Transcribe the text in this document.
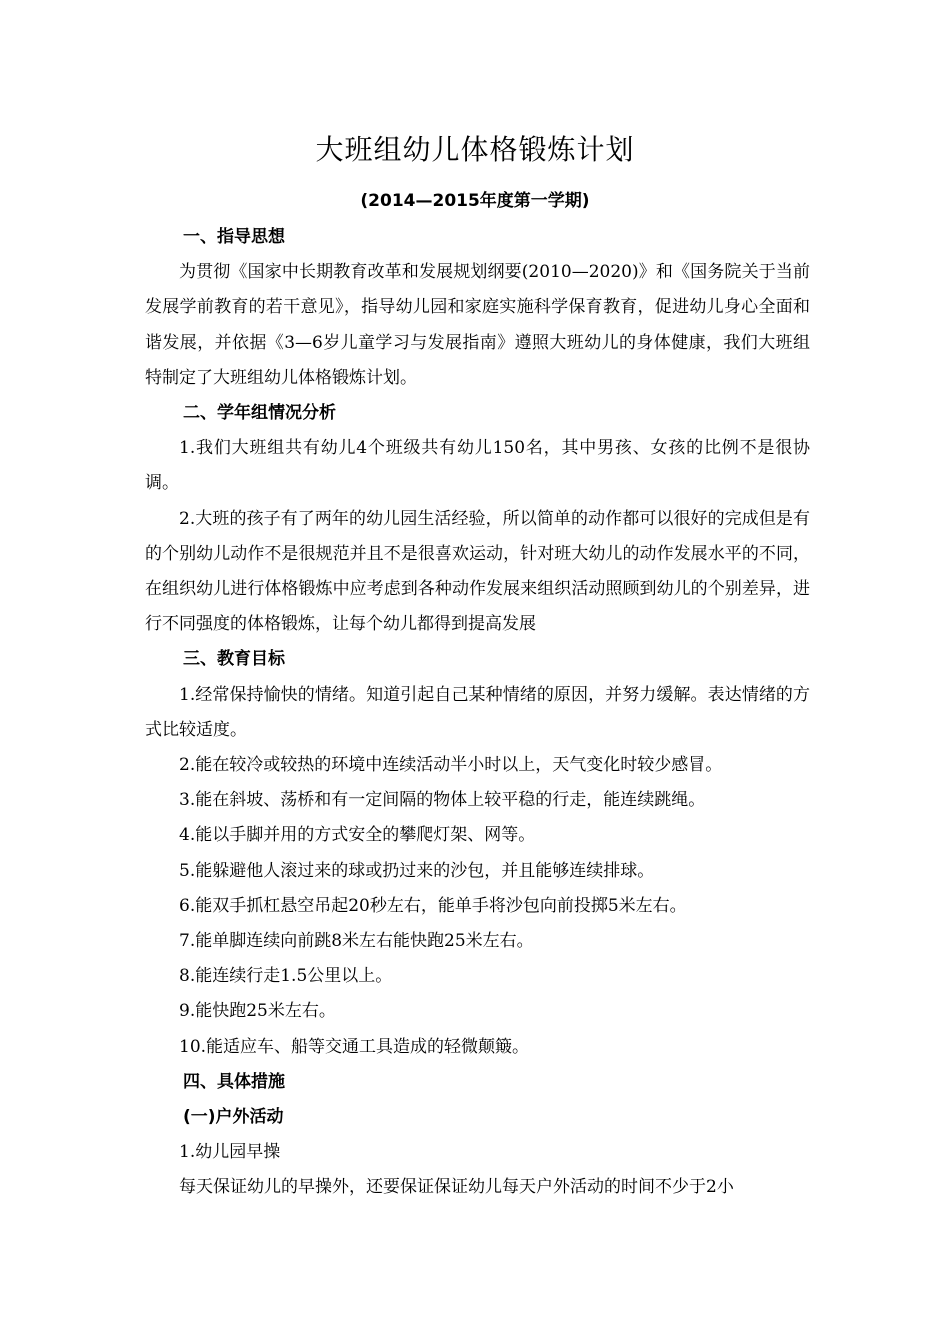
大班组幼儿体格锻炼计划
(2014—2015年度第一学期)

一、指导思想

为贯彻《国家中长期教育改革和发展规划纲要(2010—2020)》和《国务院关于当前发展学前教育的若干意见》，指导幼儿园和家庭实施科学保育教育，促进幼儿身心全面和谐发展，并依据《3—6岁儿童学习与发展指南》遵照大班幼儿的身体健康，我们大班组特制定了大班组幼儿体格锻炼计划。

二、学年组情况分析

1.我们大班组共有幼儿4个班级共有幼儿150名，其中男孩、女孩的比例不是很协调。

2.大班的孩子有了两年的幼儿园生活经验，所以简单的动作都可以很好的完成但是有的个别幼儿动作不是很规范并且不是很喜欢运动，针对班大幼儿的动作发展水平的不同，在组织幼儿进行体格锻炼中应考虑到各种动作发展来组织活动照顾到幼儿的个别差异，进行不同强度的体格锻炼，让每个幼儿都得到提高发展

三、教育目标

1.经常保持愉快的情绪。知道引起自己某种情绪的原因，并努力缓解。表达情绪的方式比较适度。

2.能在较冷或较热的环境中连续活动半小时以上，天气变化时较少感冒。

3.能在斜坡、荡桥和有一定间隔的物体上较平稳的行走，能连续跳绳。

4.能以手脚并用的方式安全的攀爬灯架、网等。

5.能躲避他人滚过来的球或扔过来的沙包，并且能够连续排球。

6.能双手抓杠悬空吊起20秒左右，能单手将沙包向前投掷5米左右。

7.能单脚连续向前跳8米左右能快跑25米左右。

8.能连续行走1.5公里以上。

9.能快跑25米左右。

10.能适应车、船等交通工具造成的轻微颠簸。

四、具体措施

(一)户外活动

1.幼儿园早操

每天保证幼儿的早操外，还要保证保证幼儿每天户外活动的时间不少于2小
